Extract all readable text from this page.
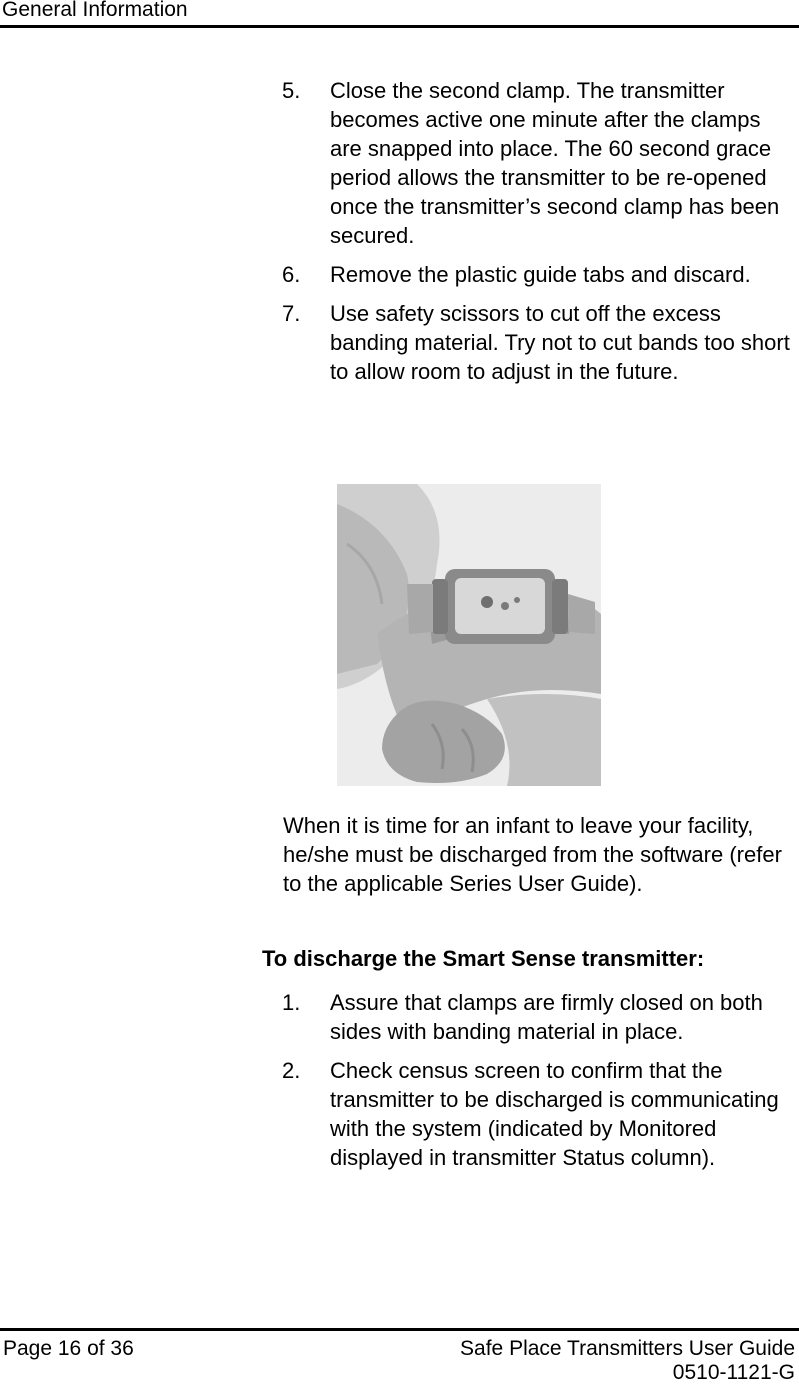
General Information
5. Close the second clamp. The transmitter becomes active one minute after the clamps are snapped into place. The 60 second grace period allows the transmitter to be re-opened once the transmitter’s second clamp has been secured.
6. Remove the plastic guide tabs and discard.
7. Use safety scissors to cut off the excess banding material. Try not to cut bands too short to allow room to adjust in the future.

When it is time for an infant to leave your facility, he/she must be discharged from the software (refer to the applicable Series User Guide).

To discharge the Smart Sense transmitter:

1. Assure that clamps are firmly closed on both sides with banding material in place.
2. Check census screen to confirm that the transmitter to be discharged is communicating with the system (indicated by Monitored displayed in transmitter Status column).
Page 16 of 36	Safe Place Transmitters User Guide
0510-1121-G
